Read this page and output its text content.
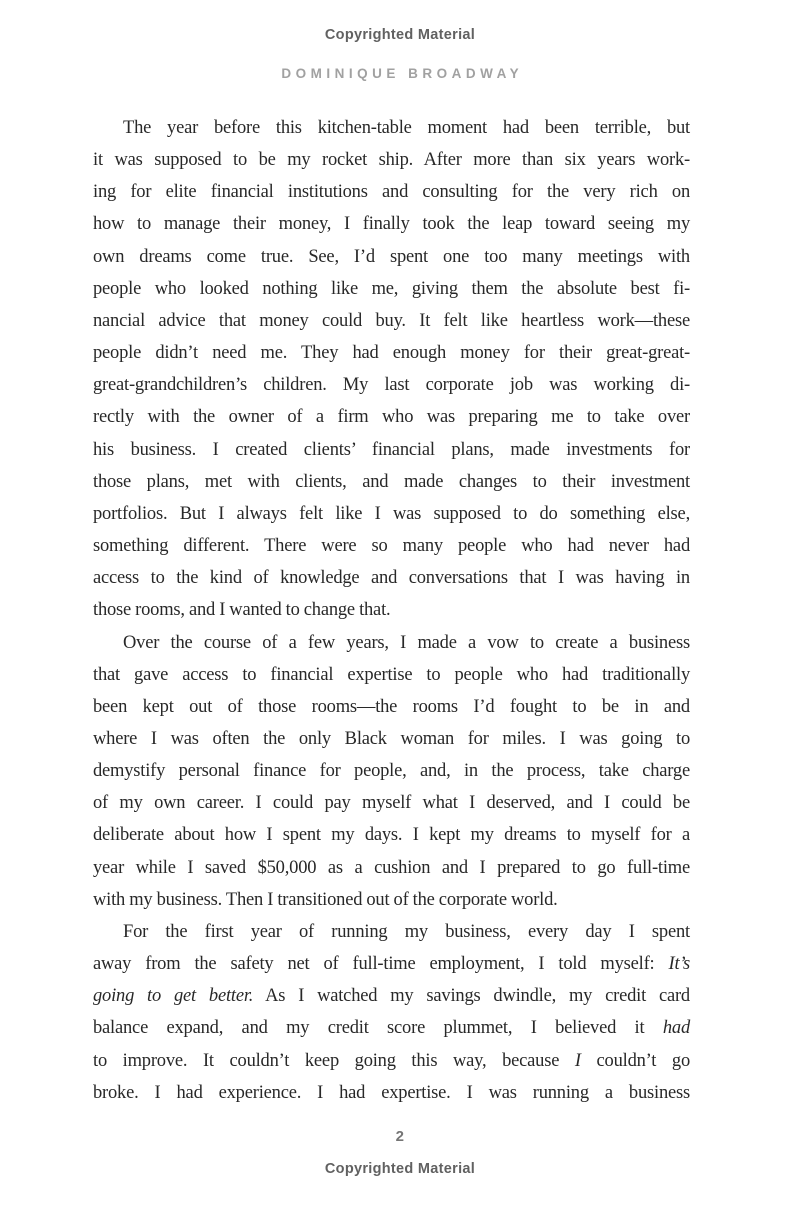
Copyrighted Material
DOMINIQUE BROADWAY
The year before this kitchen-table moment had been terrible, but
it was supposed to be my rocket ship. After more than six years work-
ing for elite financial institutions and consulting for the very rich on
how to manage their money, I finally took the leap toward seeing my
own dreams come true. See, I’d spent one too many meetings with
people who looked nothing like me, giving them the absolute best fi-
nancial advice that money could buy. It felt like heartless work—these
people didn’t need me. They had enough money for their great-great-
great-grandchildren’s children. My last corporate job was working di-
rectly with the owner of a firm who was preparing me to take over
his business. I created clients’ financial plans, made investments for
those plans, met with clients, and made changes to their investment
portfolios. But I always felt like I was supposed to do something else,
something different. There were so many people who had never had
access to the kind of knowledge and conversations that I was having in
those rooms, and I wanted to change that.
Over the course of a few years, I made a vow to create a business
that gave access to financial expertise to people who had traditionally
been kept out of those rooms—the rooms I’d fought to be in and
where I was often the only Black woman for miles. I was going to
demystify personal finance for people, and, in the process, take charge
of my own career. I could pay myself what I deserved, and I could be
deliberate about how I spent my days. I kept my dreams to myself for a
year while I saved $50,000 as a cushion and I prepared to go full-time
with my business. Then I transitioned out of the corporate world.
For the first year of running my business, every day I spent
away from the safety net of full-time employment, I told myself: It’s
going to get better. As I watched my savings dwindle, my credit card
balance expand, and my credit score plummet, I believed it had
to improve. It couldn’t keep going this way, because I couldn’t go
broke. I had experience. I had expertise. I was running a business
2
Copyrighted Material
